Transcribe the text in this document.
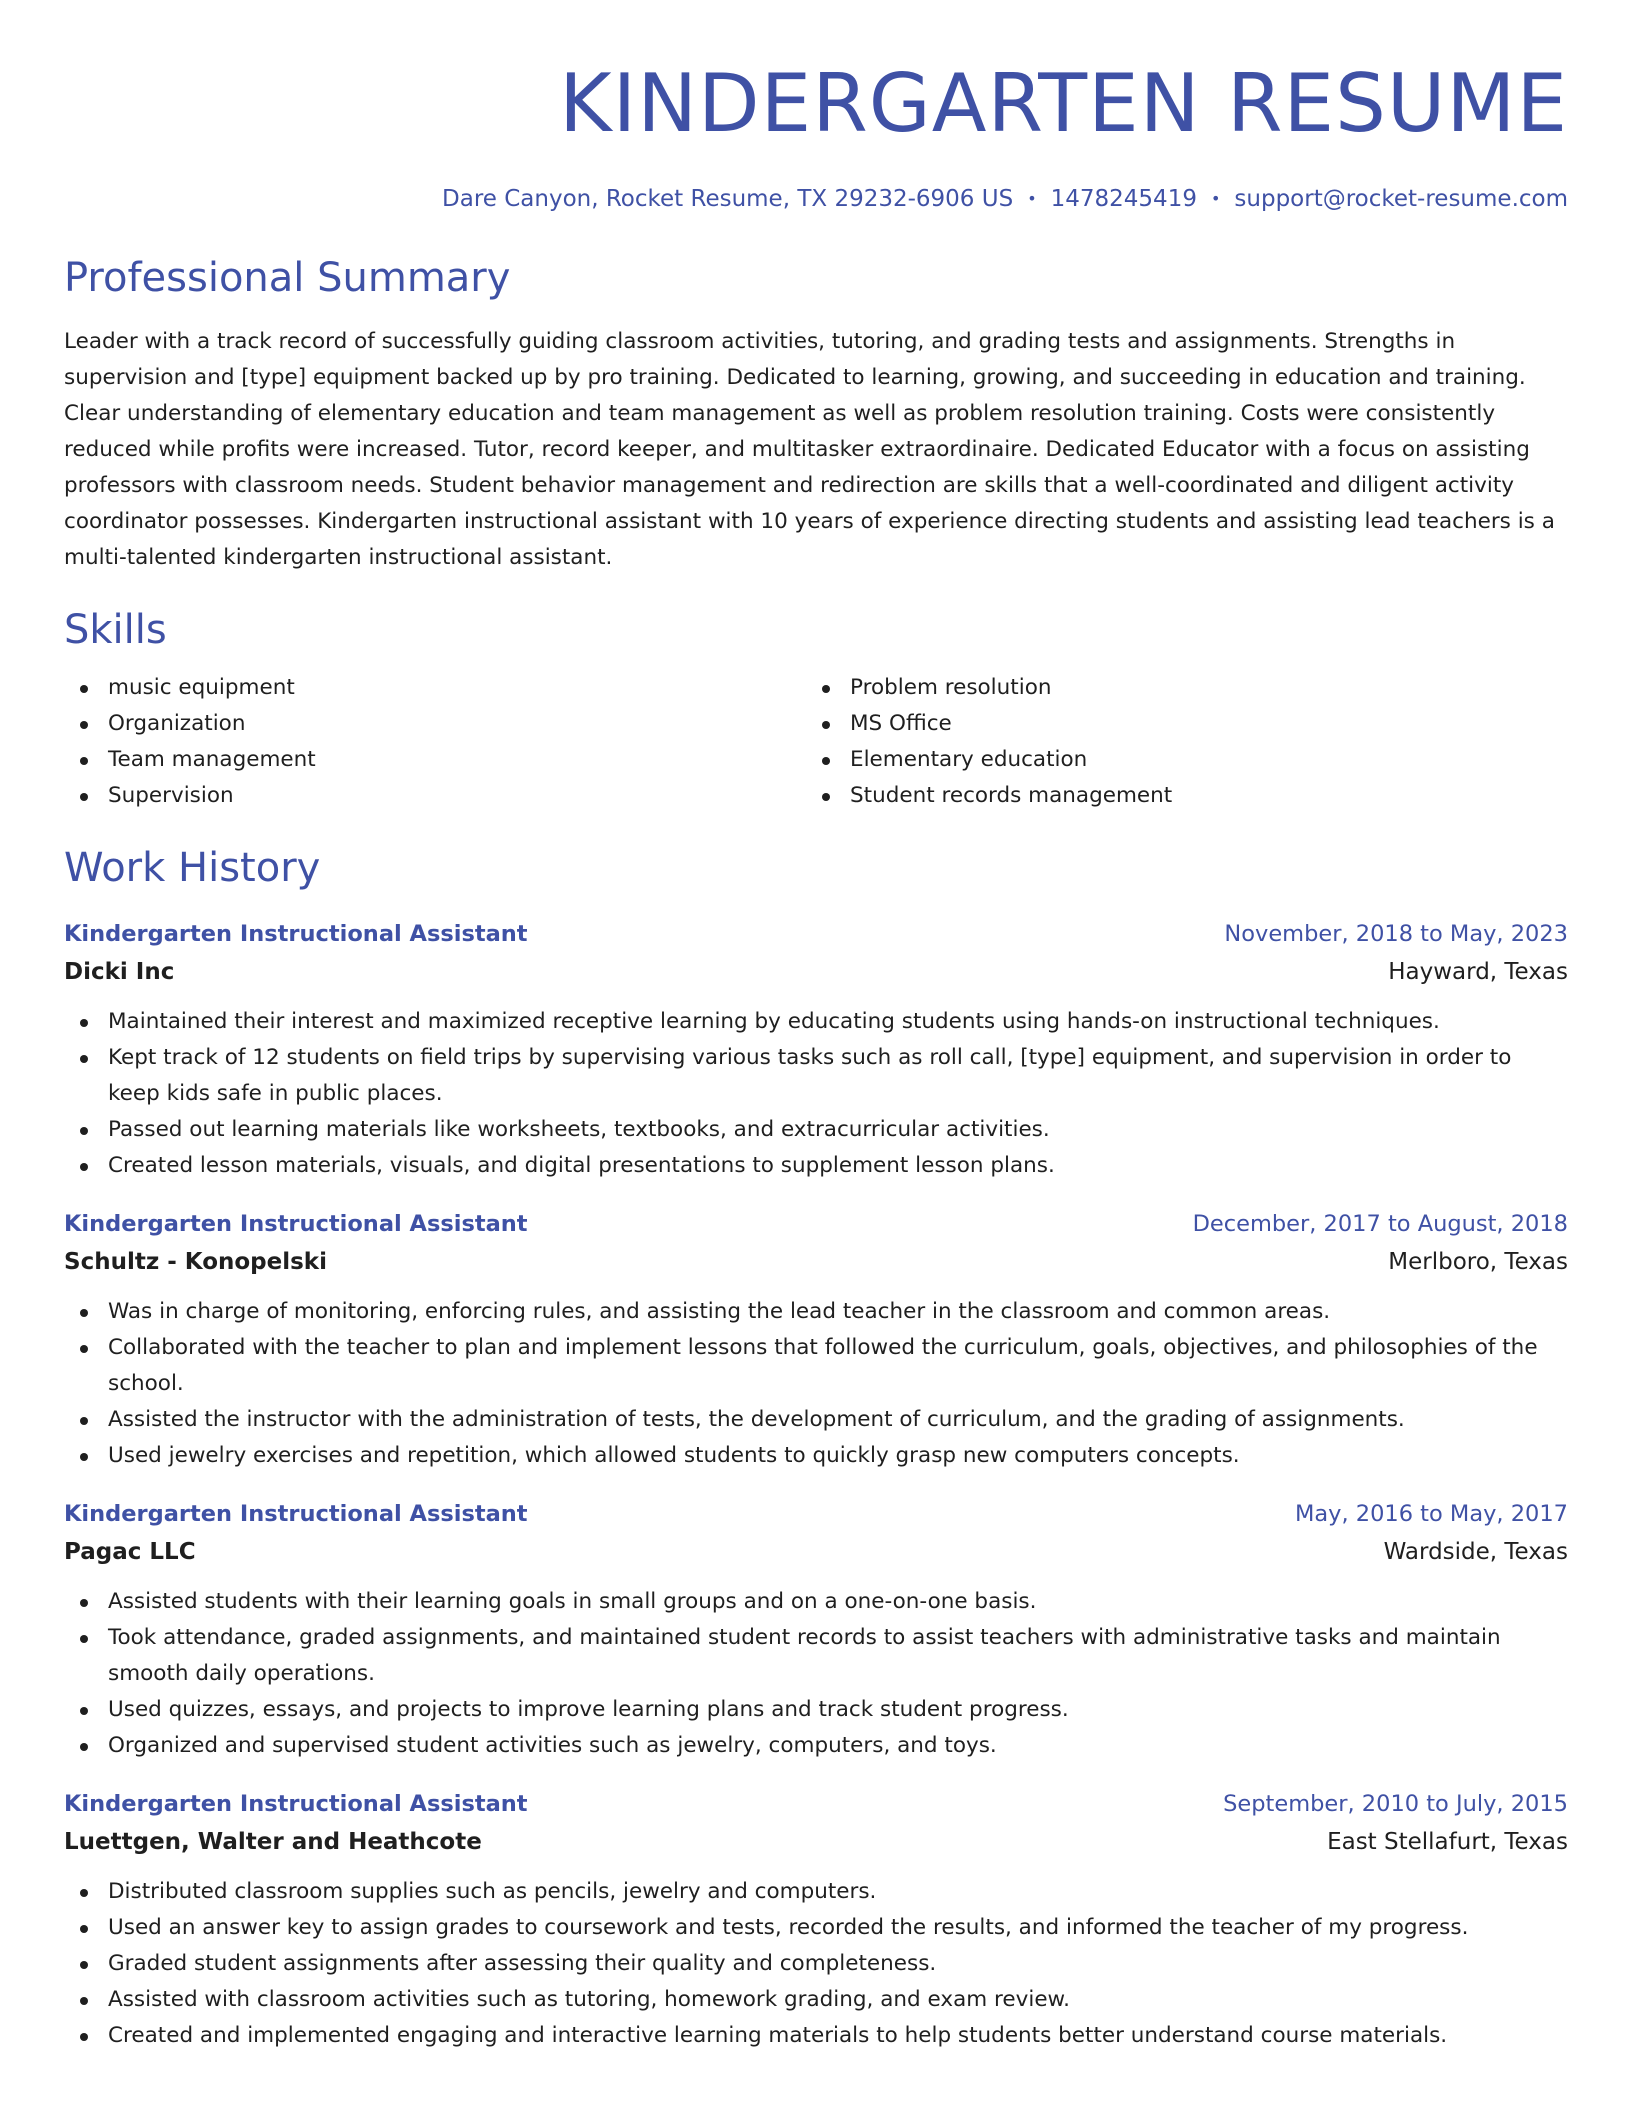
KINDERGARTEN RESUME
Dare Canyon, Rocket Resume, TX 29232-6906 US • 1478245419 • support@rocket-resume.com
Professional Summary
Leader with a track record of successfully guiding classroom activities, tutoring, and grading tests and assignments. Strengths in supervision and [type] equipment backed up by pro training. Dedicated to learning, growing, and succeeding in education and training. Clear understanding of elementary education and team management as well as problem resolution training. Costs were consistently reduced while profits were increased. Tutor, record keeper, and multitasker extraordinaire. Dedicated Educator with a focus on assisting professors with classroom needs. Student behavior management and redirection are skills that a well-coordinated and diligent activity coordinator possesses. Kindergarten instructional assistant with 10 years of experience directing students and assisting lead teachers is a multi-talented kindergarten instructional assistant.
Skills
music equipment
Organization
Team management
Supervision
Problem resolution
MS Office
Elementary education
Student records management
Work History
Kindergarten Instructional Assistant	November, 2018 to May, 2023
Dicki Inc	Hayward, Texas
Maintained their interest and maximized receptive learning by educating students using hands-on instructional techniques.
Kept track of 12 students on field trips by supervising various tasks such as roll call, [type] equipment, and supervision in order to keep kids safe in public places.
Passed out learning materials like worksheets, textbooks, and extracurricular activities.
Created lesson materials, visuals, and digital presentations to supplement lesson plans.
Kindergarten Instructional Assistant	December, 2017 to August, 2018
Schultz - Konopelski	Merlboro, Texas
Was in charge of monitoring, enforcing rules, and assisting the lead teacher in the classroom and common areas.
Collaborated with the teacher to plan and implement lessons that followed the curriculum, goals, objectives, and philosophies of the school.
Assisted the instructor with the administration of tests, the development of curriculum, and the grading of assignments.
Used jewelry exercises and repetition, which allowed students to quickly grasp new computers concepts.
Kindergarten Instructional Assistant	May, 2016 to May, 2017
Pagac LLC	Wardside, Texas
Assisted students with their learning goals in small groups and on a one-on-one basis.
Took attendance, graded assignments, and maintained student records to assist teachers with administrative tasks and maintain smooth daily operations.
Used quizzes, essays, and projects to improve learning plans and track student progress.
Organized and supervised student activities such as jewelry, computers, and toys.
Kindergarten Instructional Assistant	September, 2010 to July, 2015
Luettgen, Walter and Heathcote	East Stellafurt, Texas
Distributed classroom supplies such as pencils, jewelry and computers.
Used an answer key to assign grades to coursework and tests, recorded the results, and informed the teacher of my progress.
Graded student assignments after assessing their quality and completeness.
Assisted with classroom activities such as tutoring, homework grading, and exam review.
Created and implemented engaging and interactive learning materials to help students better understand course materials.
